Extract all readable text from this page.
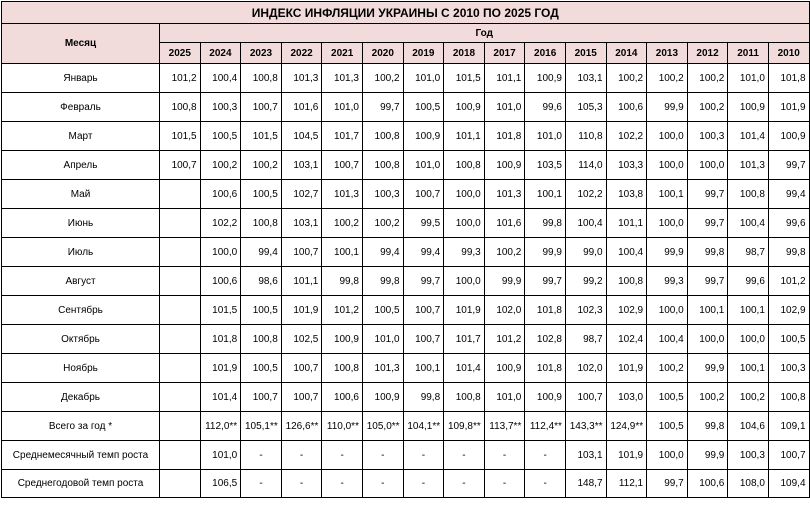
ИНДЕКС ИНФЛЯЦИИ УКРАИНЫ С 2010 ПО 2025 ГОД																
Месяц	Год															
	2025	2024	2023	2022	2021	2020	2019	2018	2017	2016	2015	2014	2013	2012	2011	2010
Январь	101,2	100,4	100,8	101,3	101,3	100,2	101,0	101,5	101,1	100,9	103,1	100,2	100,2	100,2	101,0	101,8
Февраль	100,8	100,3	100,7	101,6	101,0	99,7	100,5	100,9	101,0	99,6	105,3	100,6	99,9	100,2	100,9	101,9
Март	101,5	100,5	101,5	104,5	101,7	100,8	100,9	101,1	101,8	101,0	110,8	102,2	100,0	100,3	101,4	100,9
Апрель	100,7	100,2	100,2	103,1	100,7	100,8	101,0	100,8	100,9	103,5	114,0	103,3	100,0	100,0	101,3	99,7
Май		100,6	100,5	102,7	101,3	100,3	100,7	100,0	101,3	100,1	102,2	103,8	100,1	99,7	100,8	99,4
Июнь		102,2	100,8	103,1	100,2	100,2	99,5	100,0	101,6	99,8	100,4	101,1	100,0	99,7	100,4	99,6
Июль		100,0	99,4	100,7	100,1	99,4	99,4	99,3	100,2	99,9	99,0	100,4	99,9	99,8	98,7	99,8
Август		100,6	98,6	101,1	99,8	99,8	99,7	100,0	99,9	99,7	99,2	100,8	99,3	99,7	99,6	101,2
Сентябрь		101,5	100,5	101,9	101,2	100,5	100,7	101,9	102,0	101,8	102,3	102,9	100,0	100,1	100,1	102,9
Октябрь		101,8	100,8	102,5	100,9	101,0	100,7	101,7	101,2	102,8	98,7	102,4	100,4	100,0	100,0	100,5
Ноябрь		101,9	100,5	100,7	100,8	101,3	100,1	101,4	100,9	101,8	102,0	101,9	100,2	99,9	100,1	100,3
Декабрь		101,4	100,7	100,7	100,6	100,9	99,8	100,8	101,0	100,9	100,7	103,0	100,5	100,2	100,2	100,8
Всего за год *		112,0**	105,1**	126,6**	110,0**	105,0**	104,1**	109,8**	113,7**	112,4**	143,3**	124,9**	100,5	99,8	104,6	109,1
Среднемесячный темп роста		101,0	-	-	-	-	-	-	-	-	103,1	101,9	100,0	99,9	100,3	100,7
Среднегодовой темп роста		106,5	-	-	-	-	-	-	-	-	148,7	112,1	99,7	100,6	108,0	109,4
